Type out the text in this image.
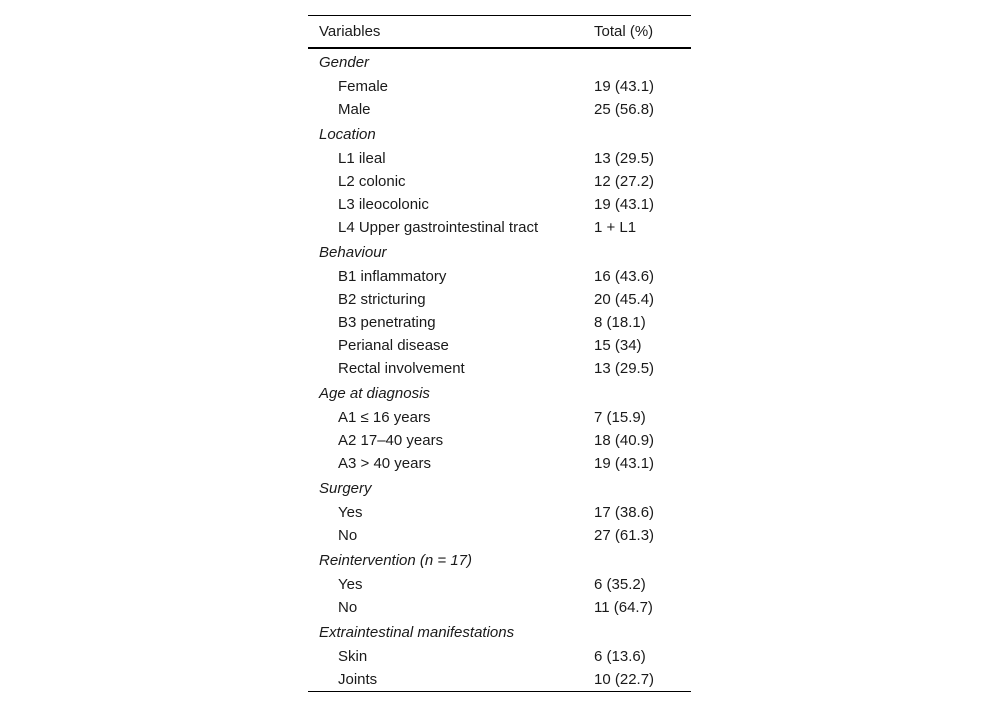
Variables	Total (%)
Gender	
Female	19 (43.1)
Male	25 (56.8)
Location	
L1 ileal	13 (29.5)
L2 colonic	12 (27.2)
L3 ileocolonic	19 (43.1)
L4 Upper gastrointestinal tract	1 + L1
Behaviour	
B1 inflammatory	16 (43.6)
B2 stricturing	20 (45.4)
B3 penetrating	8 (18.1)
Perianal disease	15 (34)
Rectal involvement	13 (29.5)
Age at diagnosis	
A1 ≤ 16 years	7 (15.9)
A2 17–40 years	18 (40.9)
A3 > 40 years	19 (43.1)
Surgery	
Yes	17 (38.6)
No	27 (61.3)
Reintervention (n = 17)	
Yes	6 (35.2)
No	11 (64.7)
Extraintestinal manifestations	
Skin	6 (13.6)
Joints	10 (22.7)
